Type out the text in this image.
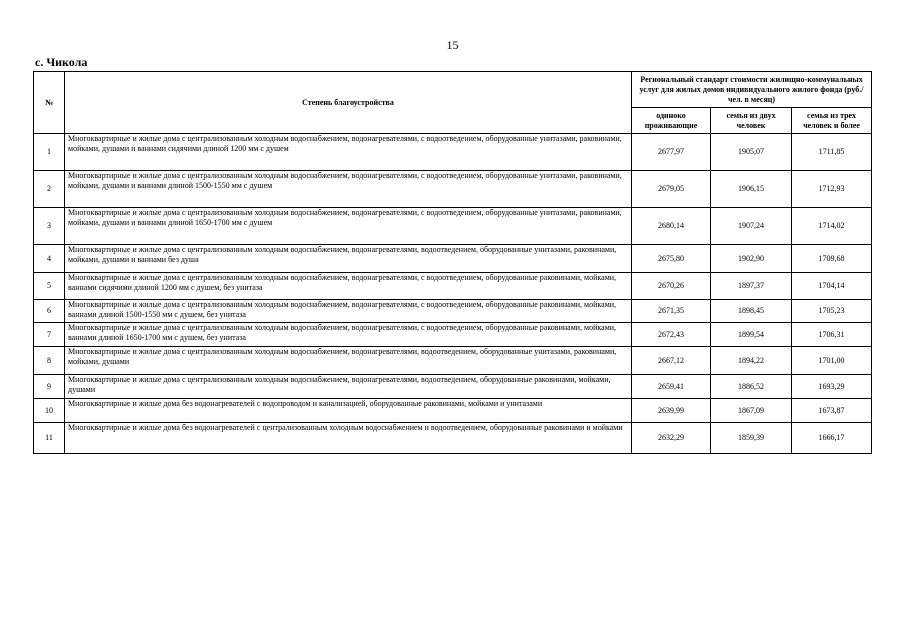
15
с. Чикола
№	Степень благоустройства	Региональный стандарт стоимости жилищно-коммунальных услуг для жилых домов индивидуального жилого фонда (руб./чел. в месяц)		
		одиноко проживающие	семья из двух человек	семья из трех человек и более
1	Многоквартирные и жилые дома с централизованным холодным водоснабжением, водонагревателями, с водоотведением, оборудованные унитазами, раковинами, мойками, душами и ваннами сидячими длиной 1200 мм с душем	2677,97	1905,07	1711,85
2	Многоквартирные и жилые дома с централизованным холодным водоснабжением, водонагревателями, с водоотведением, оборудованные унитазами, раковинами, мойками, душами и ваннами длиной 1500-1550 мм с душем	2679,05	1906,15	1712,93
3	Многоквартирные и жилые дома с централизованным холодным водоснабжением, водонагревателями, с водоотведением, оборудованные унитазами, раковинами, мойками, душами и ваннами длиной 1650-1700 мм с душем	2680,14	1907,24	1714,02
4	Многоквартирные и жилые дома с централизованным холодным водоснабжением, водонагревателями, водоотведением, оборудованные унитазами, раковинами, мойками, душами и ваннами без душа	2675,80	1902,90	1709,68
5	Многоквартирные и жилые дома с централизованным холодным водоснабжением, водонагревателями, с водоотведением, оборудованные раковинами, мойками, ваннами сидячими длиной 1200 мм с душем, без унитаза	2670,26	1897,37	1704,14
6	Многоквартирные и жилые дома с централизованным холодным водоснабжением, водонагревателями, с водоотведением, оборудованные раковинами, мойками, ваннами длиной 1500-1550 мм с душем, без унитаза	2671,35	1898,45	1705,23
7	Многоквартирные и жилые дома с централизованным холодным водоснабжением, водонагревателями, с водоотведением, оборудованные раковинами, мойками, ваннами длиной 1650-1700 мм с душем, без унитаза	2672,43	1899,54	1706,31
8	Многоквартирные и жилые дома с централизованным холодным водоснабжением, водонагревателями, водоотведением, оборудованные унитазами, раковинами, мойками, душами	2667,12	1894,22	1701,00
9	Многоквартирные и жилые дома с централизованным холодным водоснабжением, водонагревателями, водоотведением, оборудованные раковинами, мойками, душами	2659,41	1886,52	1693,29
10	Многоквартирные и жилые дома без водонагревателей с водопроводом и канализацией, оборудованные раковинами, мойками и унитазами	2639,99	1867,09	1673,87
11	Многоквартирные и жилые дома без водонагревателей с централизованным холодным водоснабжением и водоотведением, оборудованные раковинами и мойками	2632,29	1859,39	1666,17
